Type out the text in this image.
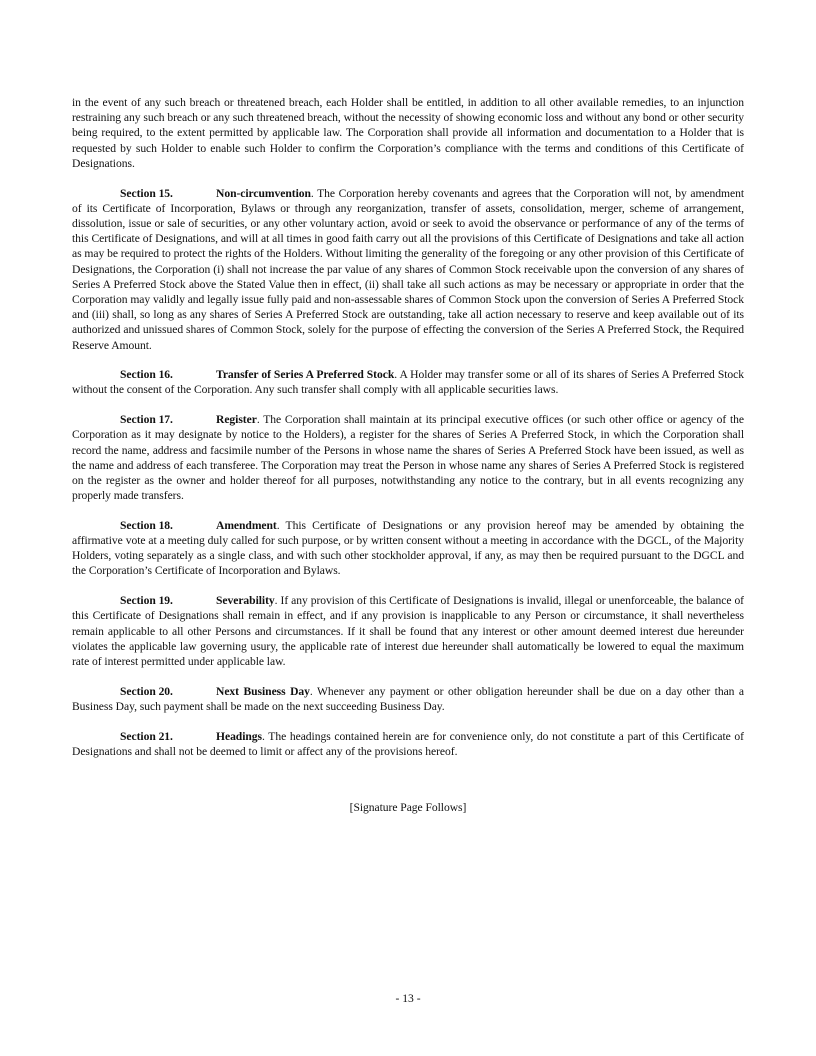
in the event of any such breach or threatened breach, each Holder shall be entitled, in addition to all other available remedies, to an injunction restraining any such breach or any such threatened breach, without the necessity of showing economic loss and without any bond or other security being required, to the extent permitted by applicable law. The Corporation shall provide all information and documentation to a Holder that is requested by such Holder to enable such Holder to confirm the Corporation’s compliance with the terms and conditions of this Certificate of Designations.

Section 15.	Non-circumvention. The Corporation hereby covenants and agrees that the Corporation will not, by amendment of its Certificate of Incorporation, Bylaws or through any reorganization, transfer of assets, consolidation, merger, scheme of arrangement, dissolution, issue or sale of securities, or any other voluntary action, avoid or seek to avoid the observance or performance of any of the terms of this Certificate of Designations, and will at all times in good faith carry out all the provisions of this Certificate of Designations and take all action as may be required to protect the rights of the Holders. Without limiting the generality of the foregoing or any other provision of this Certificate of Designations, the Corporation (i) shall not increase the par value of any shares of Common Stock receivable upon the conversion of any shares of Series A Preferred Stock above the Stated Value then in effect, (ii) shall take all such actions as may be necessary or appropriate in order that the Corporation may validly and legally issue fully paid and non-assessable shares of Common Stock upon the conversion of Series A Preferred Stock and (iii) shall, so long as any shares of Series A Preferred Stock are outstanding, take all action necessary to reserve and keep available out of its authorized and unissued shares of Common Stock, solely for the purpose of effecting the conversion of the Series A Preferred Stock, the Required Reserve Amount.

Section 16.	Transfer of Series A Preferred Stock. A Holder may transfer some or all of its shares of Series A Preferred Stock without the consent of the Corporation. Any such transfer shall comply with all applicable securities laws.

Section 17.	Register. The Corporation shall maintain at its principal executive offices (or such other office or agency of the Corporation as it may designate by notice to the Holders), a register for the shares of Series A Preferred Stock, in which the Corporation shall record the name, address and facsimile number of the Persons in whose name the shares of Series A Preferred Stock have been issued, as well as the name and address of each transferee. The Corporation may treat the Person in whose name any shares of Series A Preferred Stock is registered on the register as the owner and holder thereof for all purposes, notwithstanding any notice to the contrary, but in all events recognizing any properly made transfers.

Section 18.	Amendment. This Certificate of Designations or any provision hereof may be amended by obtaining the affirmative vote at a meeting duly called for such purpose, or by written consent without a meeting in accordance with the DGCL, of the Majority Holders, voting separately as a single class, and with such other stockholder approval, if any, as may then be required pursuant to the DGCL and the Corporation’s Certificate of Incorporation and Bylaws.

Section 19.	Severability. If any provision of this Certificate of Designations is invalid, illegal or unenforceable, the balance of this Certificate of Designations shall remain in effect, and if any provision is inapplicable to any Person or circumstance, it shall nevertheless remain applicable to all other Persons and circumstances. If it shall be found that any interest or other amount deemed interest due hereunder violates the applicable law governing usury, the applicable rate of interest due hereunder shall automatically be lowered to equal the maximum rate of interest permitted under applicable law.

Section 20.	Next Business Day. Whenever any payment or other obligation hereunder shall be due on a day other than a Business Day, such payment shall be made on the next succeeding Business Day.

Section 21.	Headings. The headings contained herein are for convenience only, do not constitute a part of this Certificate of Designations and shall not be deemed to limit or affect any of the provisions hereof.

[Signature Page Follows]

- 13 -
